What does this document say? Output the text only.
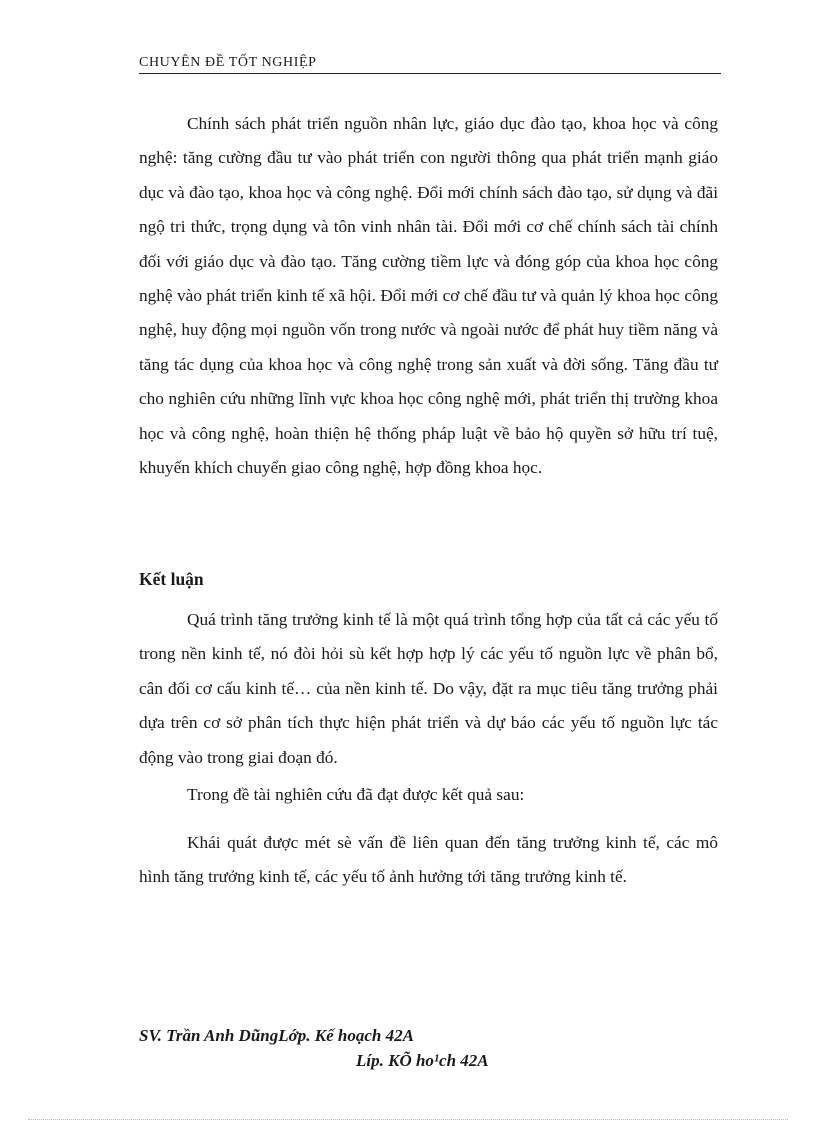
CHUYÊN ĐỀ TỐT NGHIỆP

Chính sách phát triển nguồn nhân lực, giáo dục đào tạo, khoa học và công nghệ: tăng cường đầu tư vào phát triển con người thông qua phát triển mạnh giáo dục và đào tạo, khoa học và công nghệ. Đổi mới chính sách đào tạo, sử dụng và đãi ngộ tri thức, trọng dụng và tôn vinh nhân tài. Đổi mới cơ chế chính sách tài chính đối với giáo dục và đào tạo. Tăng cường tiềm lực và đóng góp của khoa học công nghệ vào phát triển kinh tế xã hội. Đổi mới cơ chế đầu tư và quản lý khoa học công nghệ, huy động mọi nguồn vốn trong nước và ngoài nước để phát huy tiềm năng và tăng tác dụng của khoa học và công nghệ trong sản xuất và đời sống. Tăng đầu tư cho nghiên cứu những lĩnh vực khoa học công nghệ mới, phát triển thị trường khoa học và công nghệ, hoàn thiện hệ thống pháp luật về bảo hộ quyền sở hữu trí tuệ, khuyến khích chuyển giao công nghệ, hợp đồng khoa học.

Kết luận

Quá trình tăng trưởng kinh tế là một quá trình tổng hợp của tất cả các yếu tố trong nền kinh tế, nó đòi hỏi sù kết hợp hợp lý các yếu tố nguồn lực về phân bổ, cân đối cơ cấu kinh tế… của nền kinh tế. Do vậy, đặt ra mục tiêu tăng trưởng phải dựa trên cơ sở phân tích thực hiện phát triển và dự báo các yếu tố nguồn lực tác động vào trong giai đoạn đó.

Trong đề tài nghiên cứu đã đạt được kết quả sau:

Khái quát được mét sè vấn đề liên quan đến tăng trưởng kinh tế, các mô hình tăng trưởng kinh tế, các yếu tố ảnh hưởng tới tăng trưởng kinh tế.

SV. Trần Anh DũngLớp. Kế hoạch 42A
Líp. KÕ ho¹ch 42A
